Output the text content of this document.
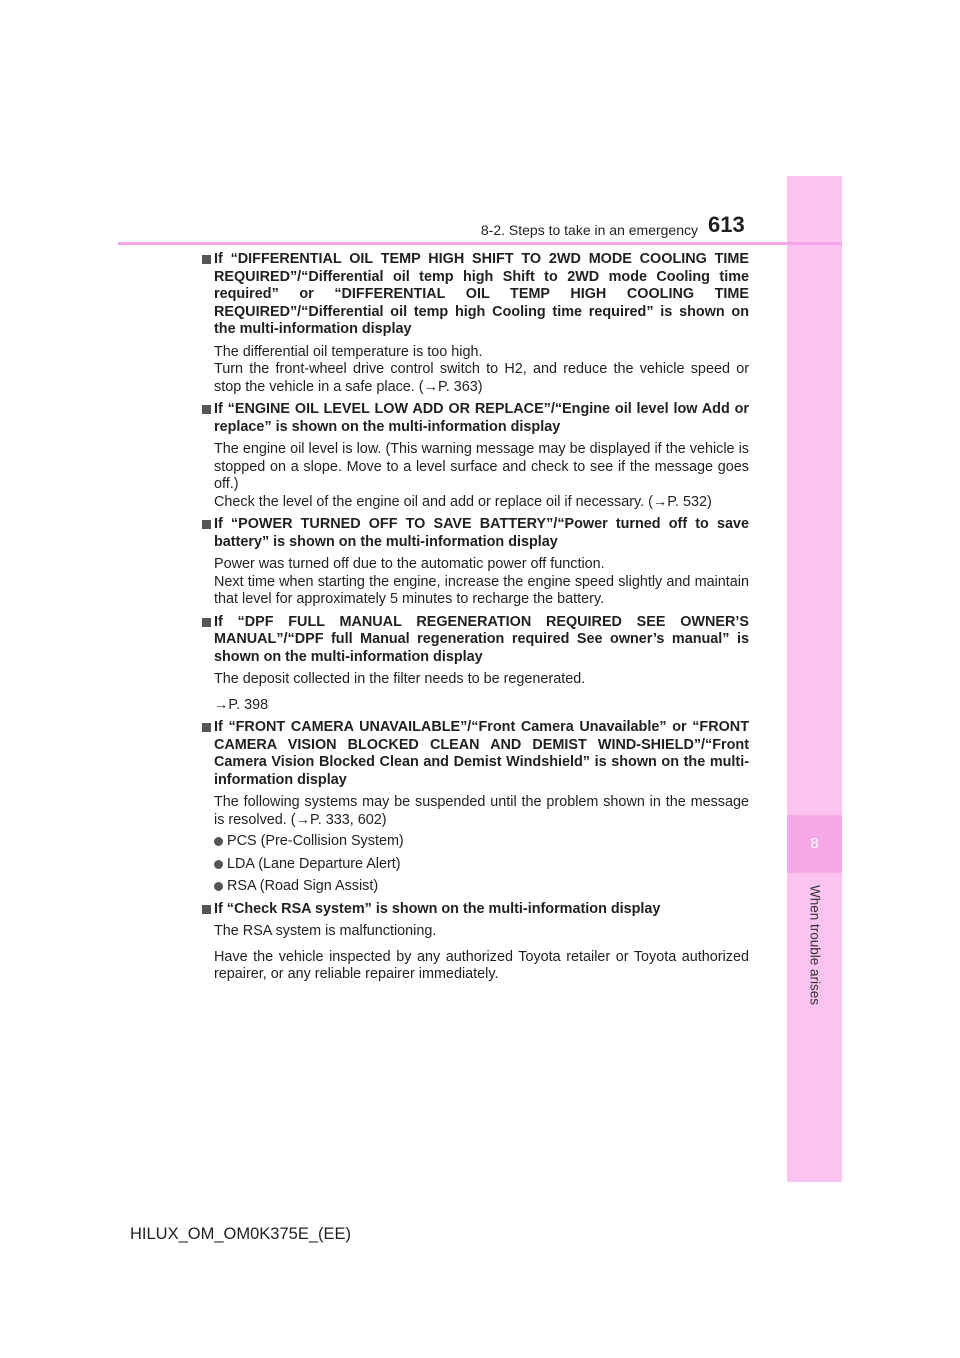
8
When trouble arises
8-2. Steps to take in an emergency 613
If “DIFFERENTIAL OIL TEMP HIGH SHIFT TO 2WD MODE COOLING TIME REQUIRED”/“Differential oil temp high Shift to 2WD mode Cooling time required” or “DIFFERENTIAL OIL TEMP HIGH COOLING TIME REQUIRED”/“Differential oil temp high Cooling time required” is shown on the multi-information display
The differential oil temperature is too high.

Turn the front-wheel drive control switch to H2, and reduce the vehicle speed or stop the vehicle in a safe place. (→P. 363)

If “ENGINE OIL LEVEL LOW ADD OR REPLACE”/“Engine oil level low Add or replace” is shown on the multi-information display
The engine oil level is low. (This warning message may be displayed if the vehicle is stopped on a slope. Move to a level surface and check to see if the message goes off.)

Check the level of the engine oil and add or replace oil if necessary. (→P. 532)

If “POWER TURNED OFF TO SAVE BATTERY”/“Power turned off to save battery” is shown on the multi-information display
Power was turned off due to the automatic power off function.

Next time when starting the engine, increase the engine speed slightly and maintain that level for approximately 5 minutes to recharge the battery.

If “DPF FULL MANUAL REGENERATION REQUIRED SEE OWNER’S MANUAL”/“DPF full Manual regeneration required See owner’s manual” is shown on the multi-information display

The deposit collected in the filter needs to be regenerated.

→P. 398

If “FRONT CAMERA UNAVAILABLE”/“Front Camera Unavailable” or “FRONT CAMERA VISION BLOCKED CLEAN AND DEMIST WIND-SHIELD”/“Front Camera Vision Blocked Clean and Demist Windshield” is shown on the multi-information display

The following systems may be suspended until the problem shown in the message is resolved. (→P. 333, 602)

PCS (Pre-Collision System)
LDA (Lane Departure Alert)
RSA (Road Sign Assist)
If “Check RSA system” is shown on the multi-information display

The RSA system is malfunctioning.

Have the vehicle inspected by any authorized Toyota retailer or Toyota authorized repairer, or any reliable repairer immediately.

HILUX_OM_OM0K375E_(EE)
